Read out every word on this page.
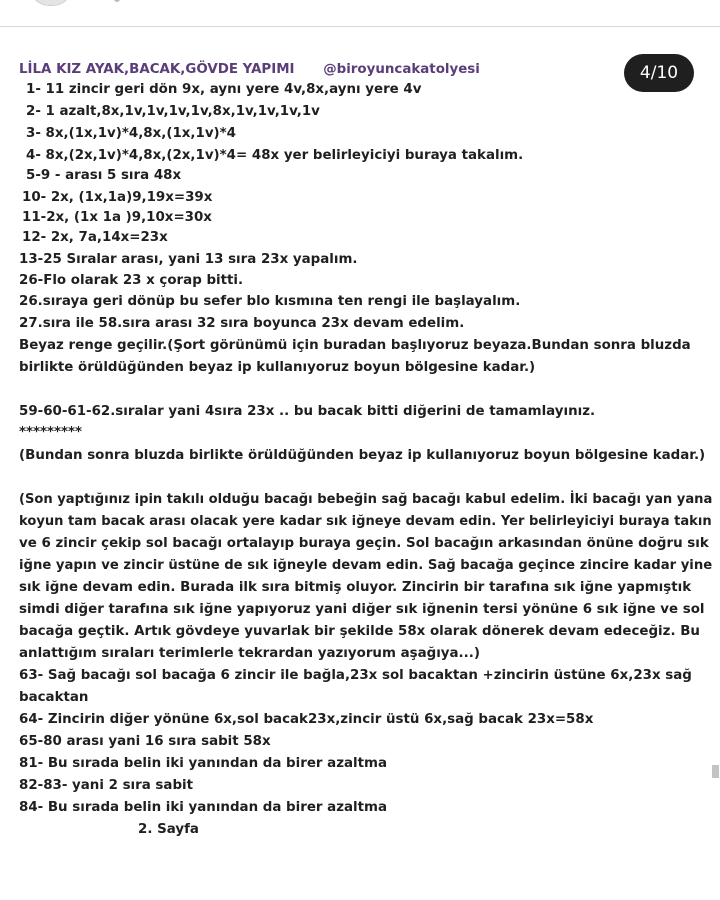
4/10
LİLA KIZ AYAK,BACAK,GÖVDE YAPIMI @biroyuncakatolyesi
1- 11 zincir geri dön 9x, aynı yere 4v,8x,aynı yere 4v
2- 1 azalt,8x,1v,1v,1v,1v,8x,1v,1v,1v,1v
3- 8x,(1x,1v)*4,8x,(1x,1v)*4
4- 8x,(2x,1v)*4,8x,(2x,1v)*4= 48x yer belirleyiciyi buraya takalım.
5-9 - arası 5 sıra 48x
10- 2x, (1x,1a)9,19x=39x
11-2x, (1x 1a )9,10x=30x
12- 2x, 7a,14x=23x
13-25 Sıralar arası, yani 13 sıra 23x yapalım.
26-Flo olarak 23 x çorap bitti.
26.sıraya geri dönüp bu sefer blo kısmına ten rengi ile başlayalım.
27.sıra ile 58.sıra arası 32 sıra boyunca 23x devam edelim.
Beyaz renge geçilir.(Şort görünümü için buradan başlıyoruz beyaza.Bundan sonra bluzda
birlikte örüldüğünden beyaz ip kullanıyoruz boyun bölgesine kadar.)
59-60-61-62.sıralar yani 4sıra 23x .. bu bacak bitti diğerini de tamamlayınız.
*********
(Bundan sonra bluzda birlikte örüldüğünden beyaz ip kullanıyoruz boyun bölgesine kadar.)
(Son yaptığınız ipin takılı olduğu bacağı bebeğin sağ bacağı kabul edelim. İki bacağı yan yana
koyun tam bacak arası olacak yere kadar sık iğneye devam edin. Yer belirleyiciyi buraya takın
ve 6 zincir çekip sol bacağı ortalayıp buraya geçin. Sol bacağın arkasından önüne doğru sık
iğne yapın ve zincir üstüne de sık iğneyle devam edin. Sağ bacağa geçince zincire kadar yine
sık iğne devam edin. Burada ilk sıra bitmiş oluyor. Zincirin bir tarafına sık iğne yapmıştık
simdi diğer tarafına sık iğne yapıyoruz yani diğer sık iğnenin tersi yönüne 6 sık iğne ve sol
bacağa geçtik. Artık gövdeye yuvarlak bir şekilde 58x olarak dönerek devam edeceğiz. Bu
anlattığım sıraları terimlerle tekrardan yazıyorum aşağıya...)
63- Sağ bacağı sol bacağa 6 zincir ile bağla,23x sol bacaktan +zincirin üstüne 6x,23x sağ
bacaktan
64- Zincirin diğer yönüne 6x,sol bacak23x,zincir üstü 6x,sağ bacak 23x=58x
65-80 arası yani 16 sıra sabit 58x
81- Bu sırada belin iki yanından da birer azaltma
82-83- yani 2 sıra sabit
84- Bu sırada belin iki yanından da birer azaltma
2. Sayfa
